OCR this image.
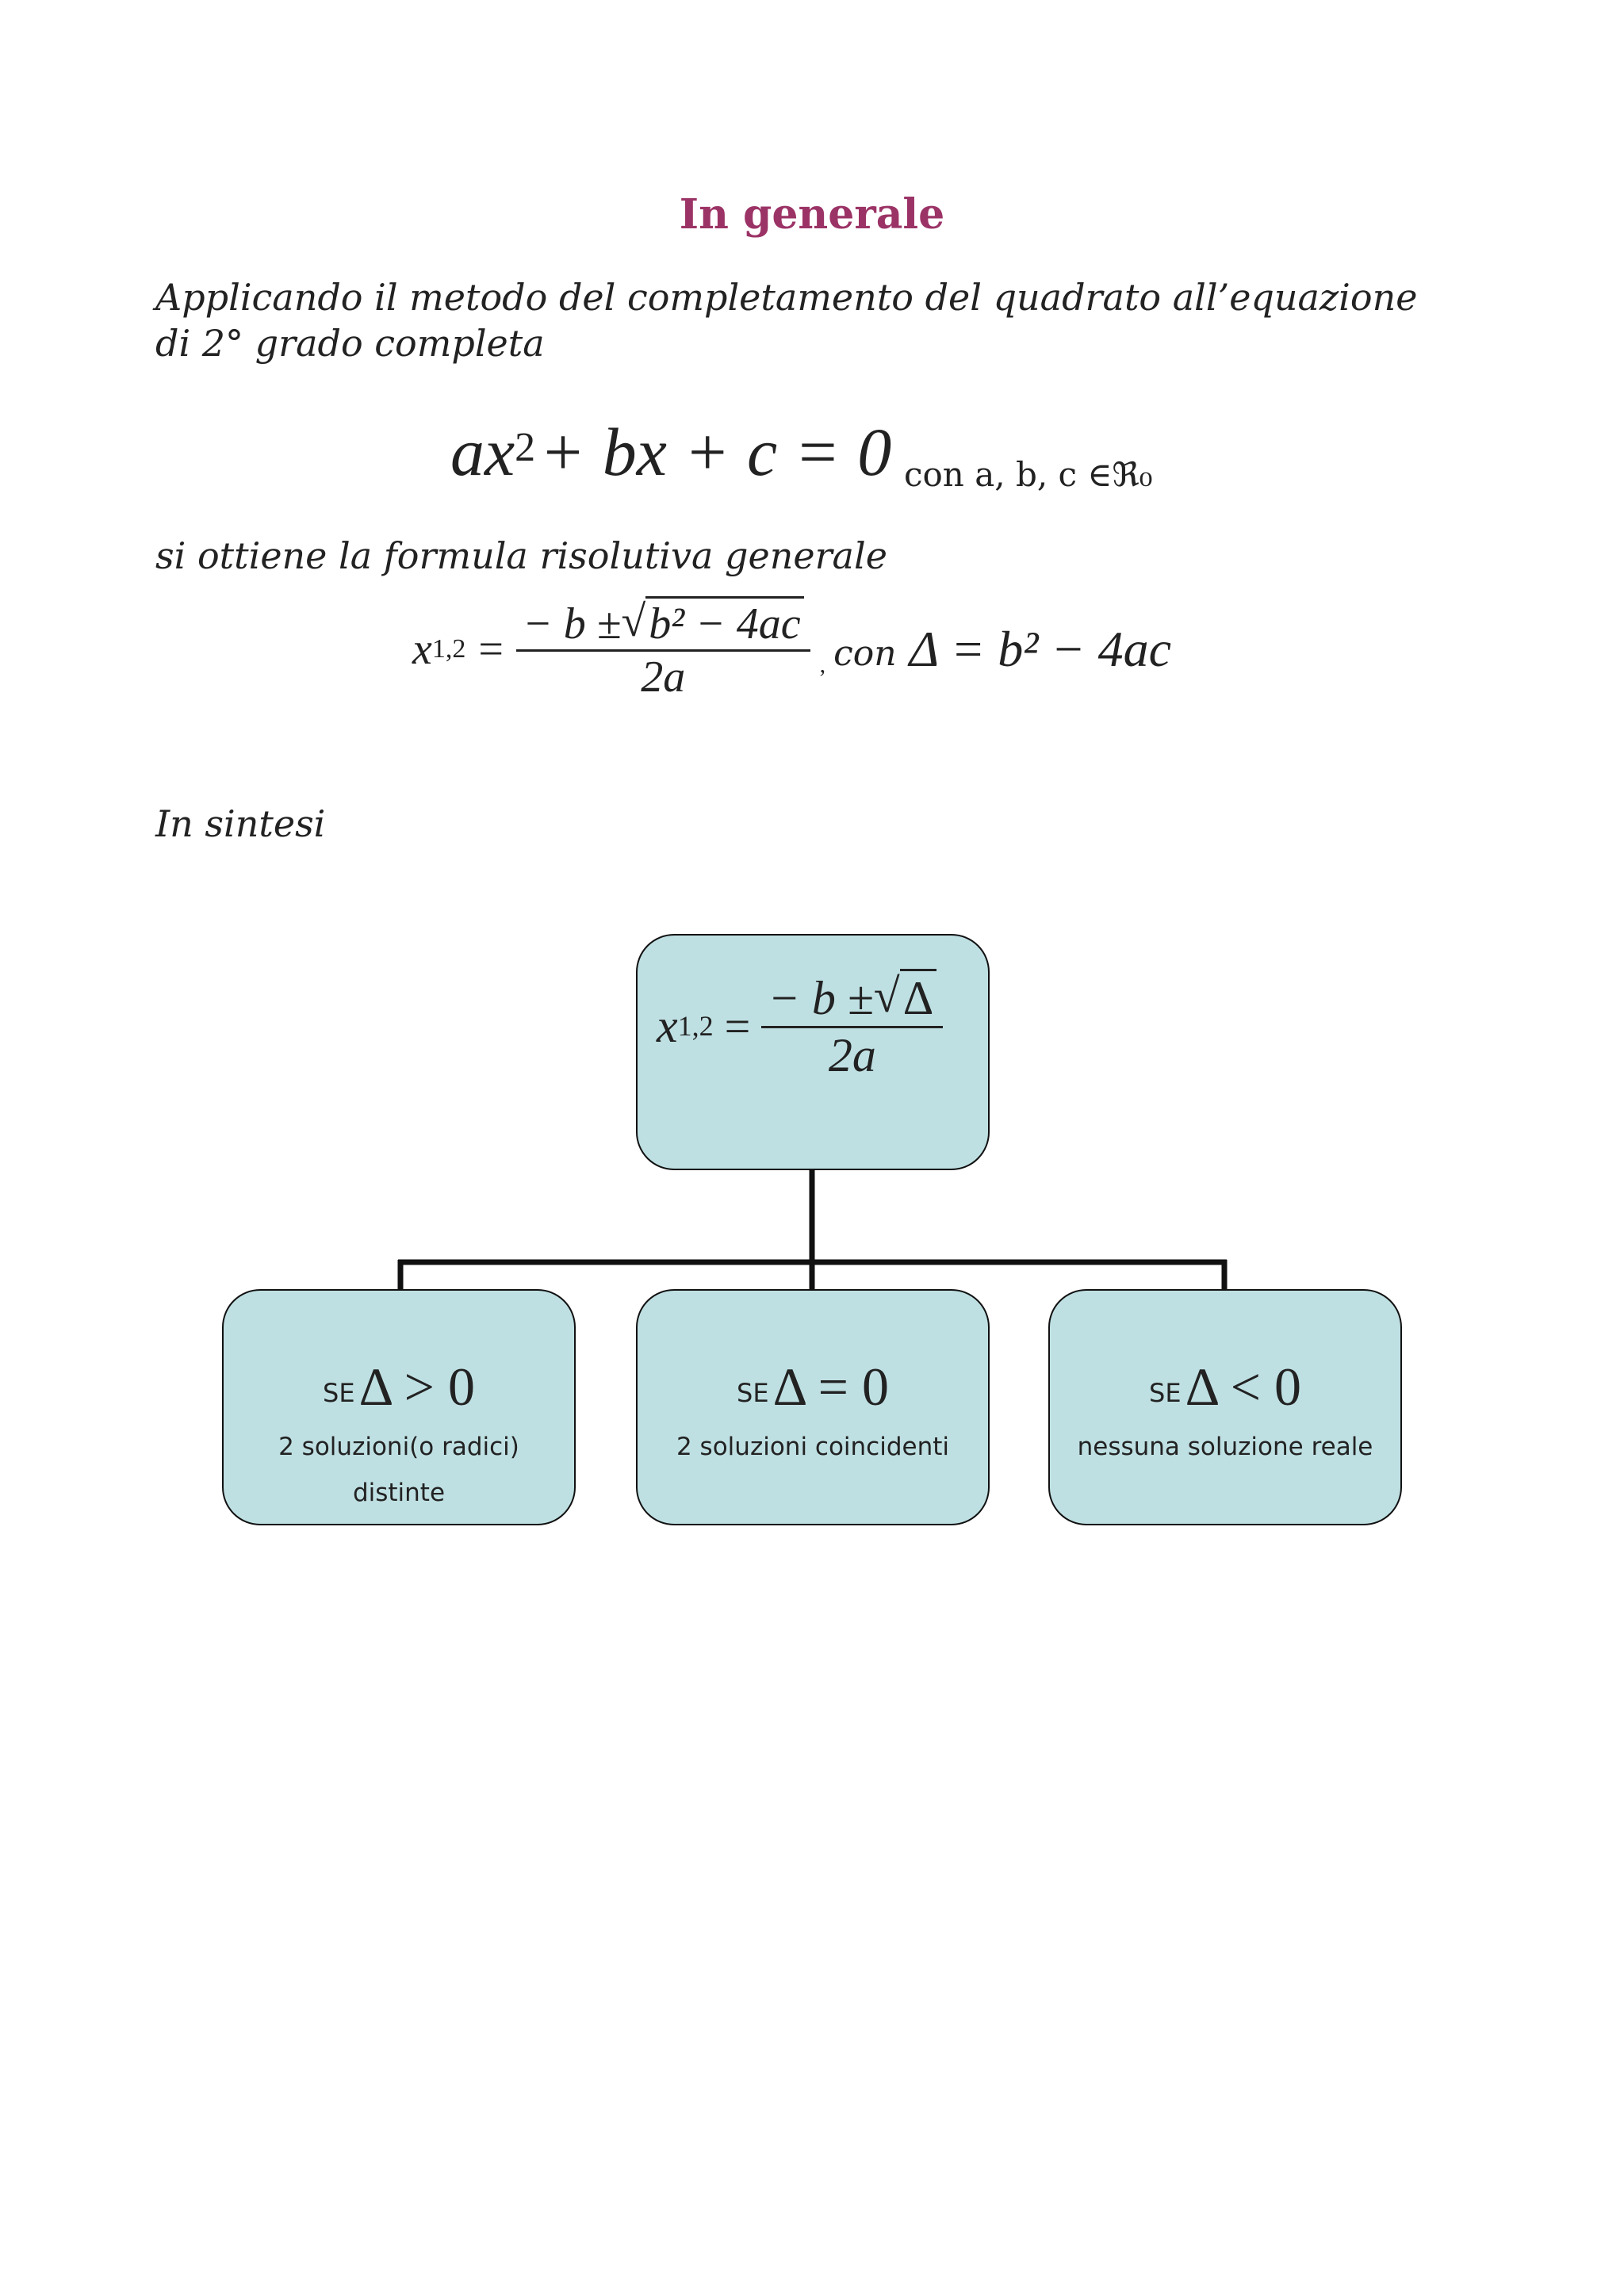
In generale
Applicando il metodo del completamento del quadrato all’equazione di 2° grado completa
$ax^2$ + bx + c = 0 con a, b, c ∈ℜ₀
si ottiene la formula risolutiva generale
x $1,2 = \frac{\text{− b ± √ b² − 4ac}}{2a}$ , con Δ = b² − 4ac
In sintesi
x $1,2 = \frac{- b \pm √ \Delta}{2a}$
SE Δ > 0
2 soluzioni(o radici) distinte
SE Δ = 0
2 soluzioni coincidenti
SE Δ < 0
nessuna soluzione reale
